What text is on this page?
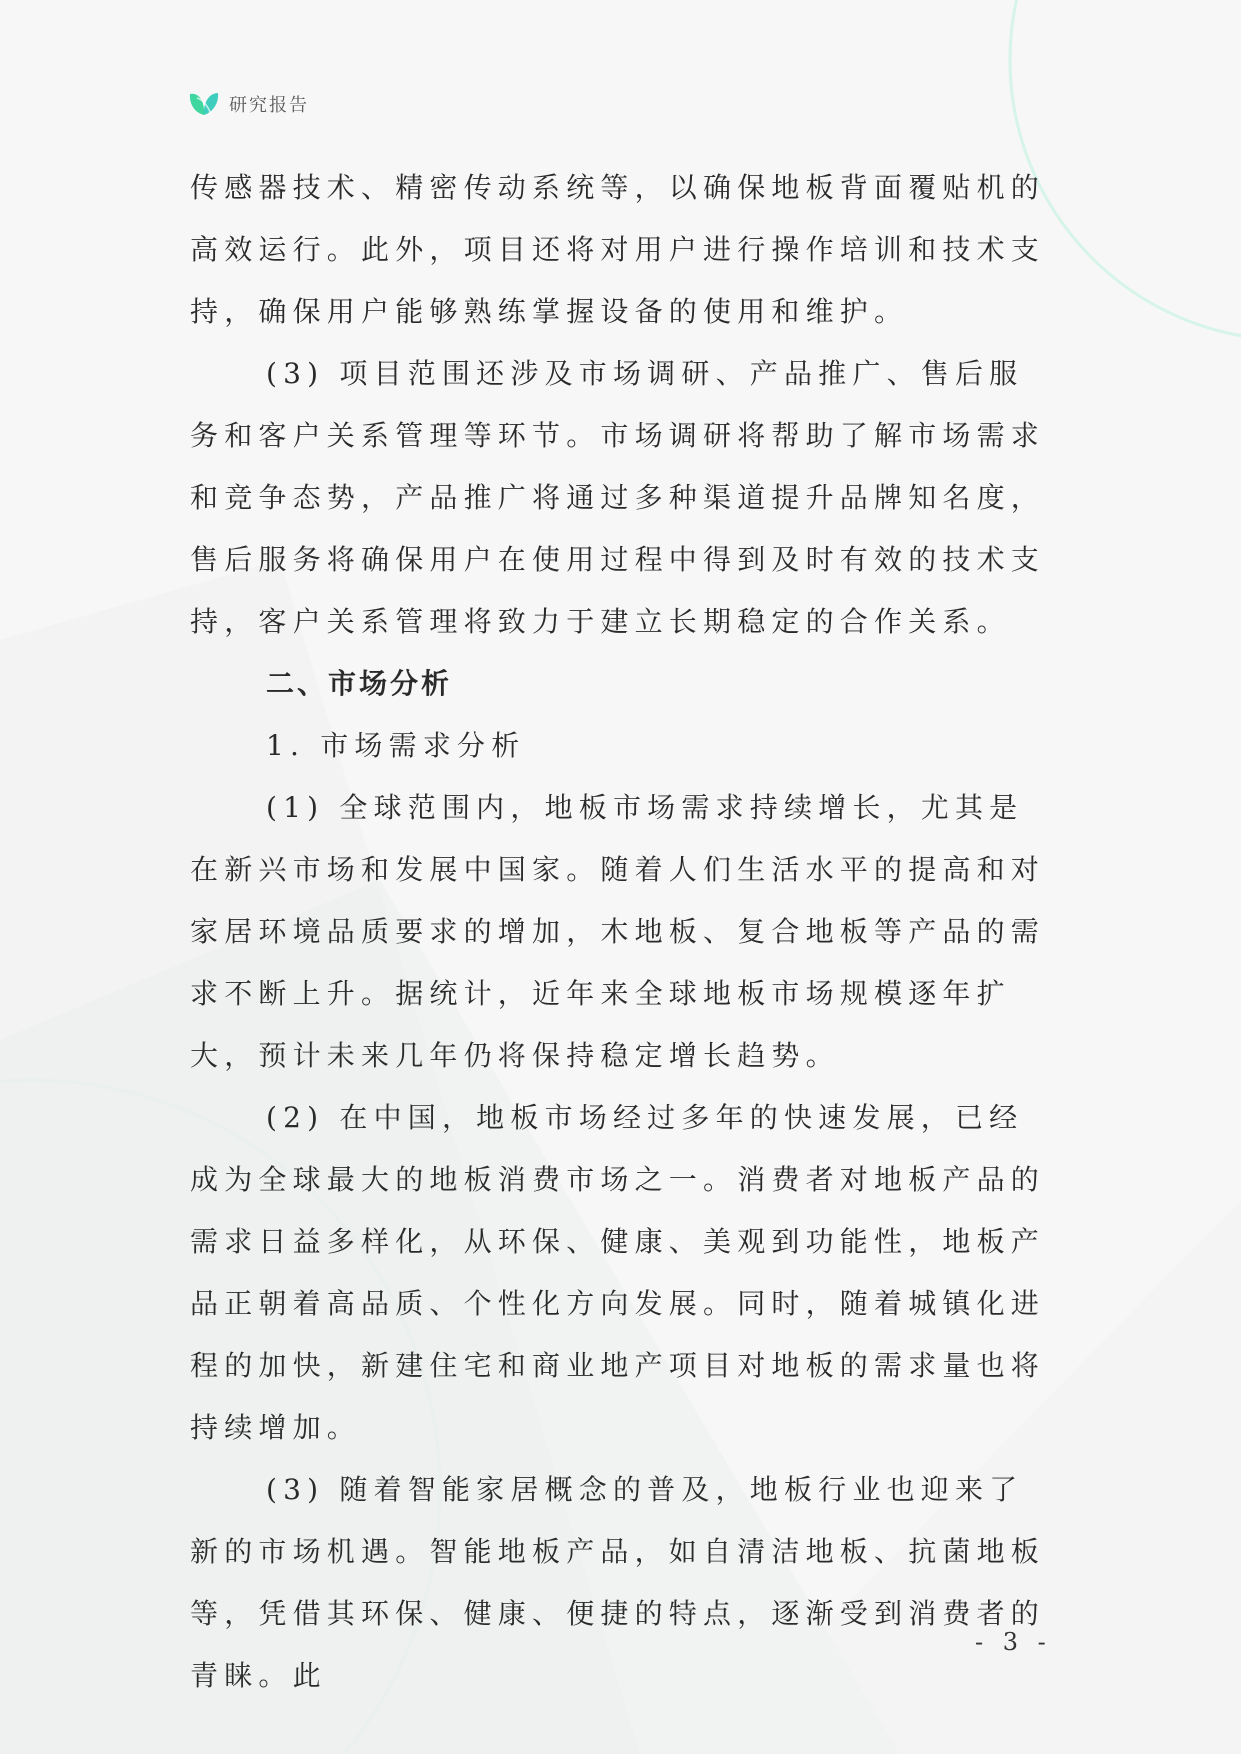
研究报告

传感器技术、精密传动系统等，以确保地板背面覆贴机的高效运行。此外，项目还将对用户进行操作培训和技术支持，确保用户能够熟练掌握设备的使用和维护。

(3) 项目范围还涉及市场调研、产品推广、售后服务和客户关系管理等环节。市场调研将帮助了解市场需求和竞争态势，产品推广将通过多种渠道提升品牌知名度，售后服务将确保用户在使用过程中得到及时有效的技术支持，客户关系管理将致力于建立长期稳定的合作关系。

二、市场分析

1. 市场需求分析

(1) 全球范围内，地板市场需求持续增长，尤其是在新兴市场和发展中国家。随着人们生活水平的提高和对家居环境品质要求的增加，木地板、复合地板等产品的需求不断上升。据统计，近年来全球地板市场规模逐年扩大，预计未来几年仍将保持稳定增长趋势。

(2) 在中国，地板市场经过多年的快速发展，已经成为全球最大的地板消费市场之一。消费者对地板产品的需求日益多样化，从环保、健康、美观到功能性，地板产品正朝着高品质、个性化方向发展。同时，随着城镇化进程的加快，新建住宅和商业地产项目对地板的需求量也将持续增加。

(3) 随着智能家居概念的普及，地板行业也迎来了新的市场机遇。智能地板产品，如自清洁地板、抗菌地板等，凭借其环保、健康、便捷的特点，逐渐受到消费者的青睐。此

- 3 -
